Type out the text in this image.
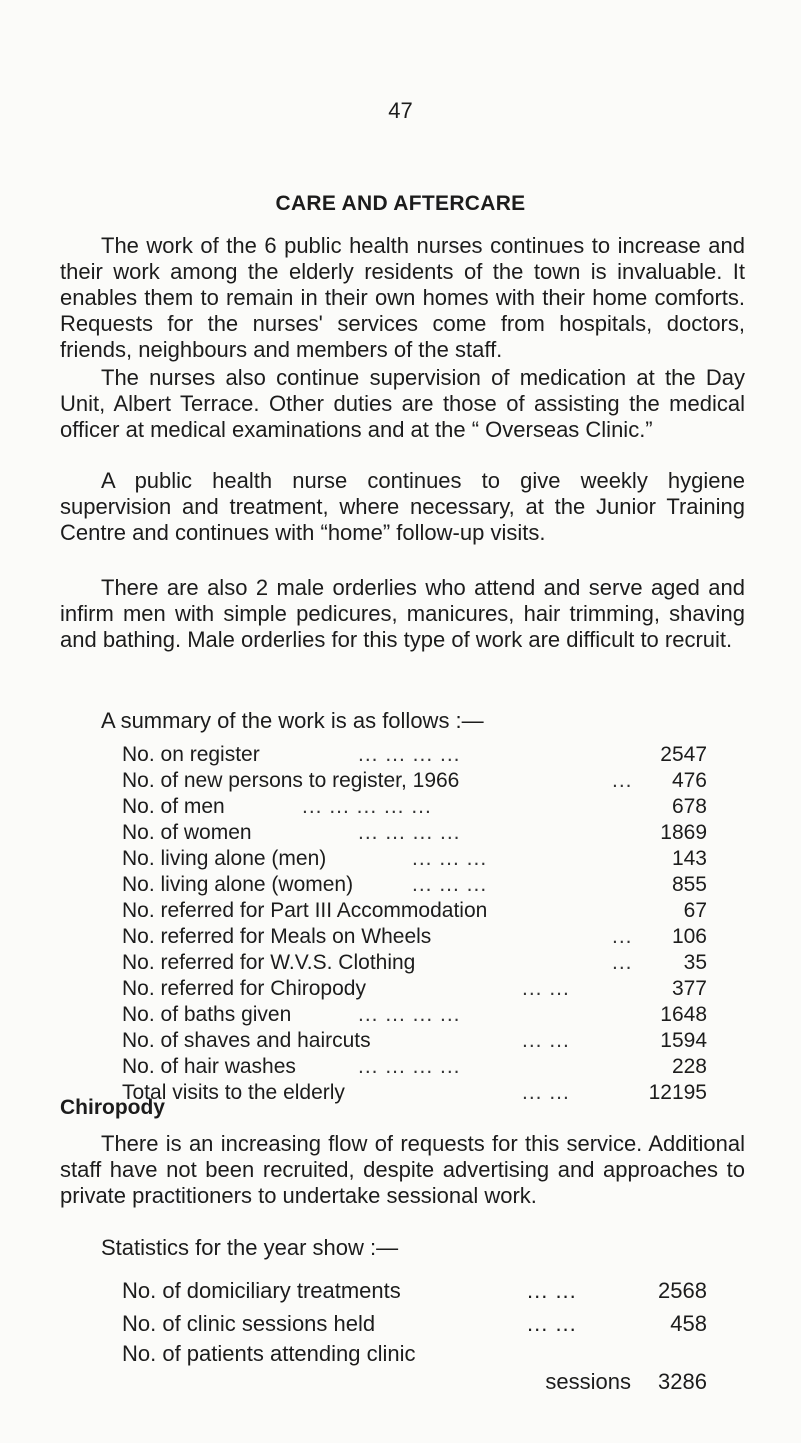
47
CARE AND AFTERCARE

The work of the 6 public health nurses continues to increase and their work among the elderly residents of the town is invaluable. It enables them to remain in their own homes with their home comforts. Requests for the nurses' services come from hospitals, doctors, friends, neighbours and members of the staff.

The nurses also continue supervision of medication at the Day Unit, Albert Terrace. Other duties are those of assisting the medical officer at medical examinations and at the “ Overseas Clinic.”

A public health nurse continues to give weekly hygiene supervision and treatment, where necessary, at the Junior Training Centre and continues with “home” follow-up visits.

There are also 2 male orderlies who attend and serve aged and infirm men with simple pedicures, manicures, hair trimming, shaving and bathing. Male orderlies for this type of work are difficult to recruit.

A summary of the work is as follows :—

No. on register	... ... ... ...	2547
No. of new persons to register, 1966	... 476
No. of men	... ... ... ... ...	678
No. of women	... ... ... ...	1869
No. living alone (men)	... ... ...	143
No. living alone (women)	... ... ...	855
No. referred for Part III Accommodation	67
No. referred for Meals on Wheels	... 106
No. referred for W.V.S. Clothing	... 35
No. referred for Chiropody	... ...	377
No. of baths given	... ... ... ...	1648
No. of shaves and haircuts	... ...	1594
No. of hair washes	... ... ... ...	228
Total visits to the elderly	... ...	12195
Chiropody

There is an increasing flow of requests for this service. Additional staff have not been recruited, despite advertising and approaches to private practitioners to undertake sessional work.

Statistics for the year show :—

No. of domiciliary treatments	... ...	2568
No. of clinic sessions held	... ...	458
No. of patients attending clinic
sessions 3286
